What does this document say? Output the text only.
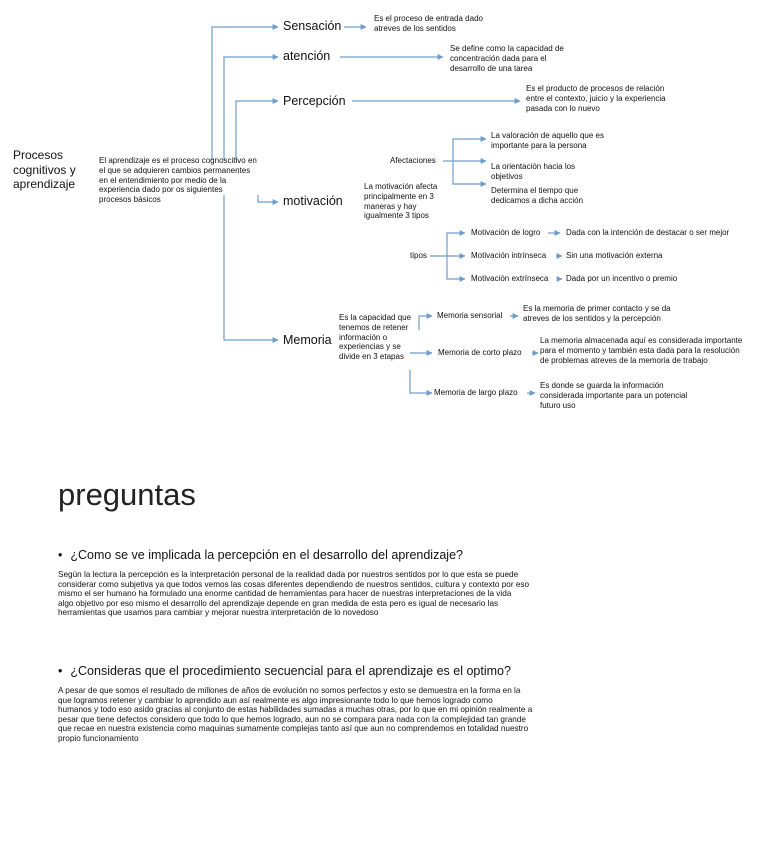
Procesos
cognitivos y
aprendizaje

El aprendizaje es el proceso cognoscitivo en
el que se adquieren cambios permanentes
en el entendimiento por medio de la
experiencia dado por os siguientes
procesos básicos

Sensación

Es el proceso de entrada dado
atreves de los sentidos

atención

Se define como la capacidad de
concentración dada para el
desarrollo de una tarea

Percepción

Es el producto de procesos de relación
entre el contexto, juicio y la experiencia
pasada con lo nuevo

motivación

La motivación afecta
principalmente en 3
maneras y hay
igualmente 3 tipos

Afectaciones

La valoración de aquello que es
importante para la persona

La orientación hacia los
objetivos

Determina el tiempo que
dedicamos a dicha acción

tipos

Motivación de logro	Dada con la intención de destacar o ser mejor

Motivación intrínseca Sin una motivación externa

Motivación extrínseca Dada por un incentivo o premio

Memoria

Es la capacidad que
tenemos de retener
información o
experiencias y se
divide en 3 etapas

Memoria sensorial

Es la memoria de primer contacto y se da
atreves de los sentidos y la percepción

Memoria de corto plazo

La memoria almacenada aquí es considerada importante
para el momento y también esta dada para la resolución
de problemas atreves de la memoria de trabajo

Memoria de largo plazo

Es donde se guarda la información
considerada importante para un potencial
futuro uso

preguntas

• ¿Como se ve implicada la percepción en el desarrollo del aprendizaje?

Según la lectura la percepción es la interpretación personal de la realidad dada por nuestros sentidos por lo que esta se puede
considerar como subjetiva ya que todos vemos las cosas diferentes dependiendo de nuestros sentidos, cultura y contexto por eso
mismo el ser humano ha formulado una enorme cantidad de herramientas para hacer de nuestras interpretaciones de la vida
algo objetivo por eso mismo el desarrollo del aprendizaje depende en gran medida de esta pero es igual de necesario las
herramientas que usamos para cambiar y mejorar nuestra interpretación de lo novedoso

• ¿Consideras que el procedimiento secuencial para el aprendizaje es el optimo?

A pesar de que somos el resultado de millones de años de evolución no somos perfectos y esto se demuestra en la forma en la
que logramos retener y cambiar lo aprendido aun así realmente es algo impresionante todo lo que hemos logrado como
humanos y todo eso asido gracias al conjunto de estas habilidades sumadas a muchas otras, por lo que en mi opinión realmente a
pesar que tiene defectos considero que todo lo que hemos logrado, aun no se compara para nada con la complejidad tan grande
que recae en nuestra existencia como maquinas sumamente complejas tanto así que aun no comprendemos en totalidad nuestro
propio funcionamiento
